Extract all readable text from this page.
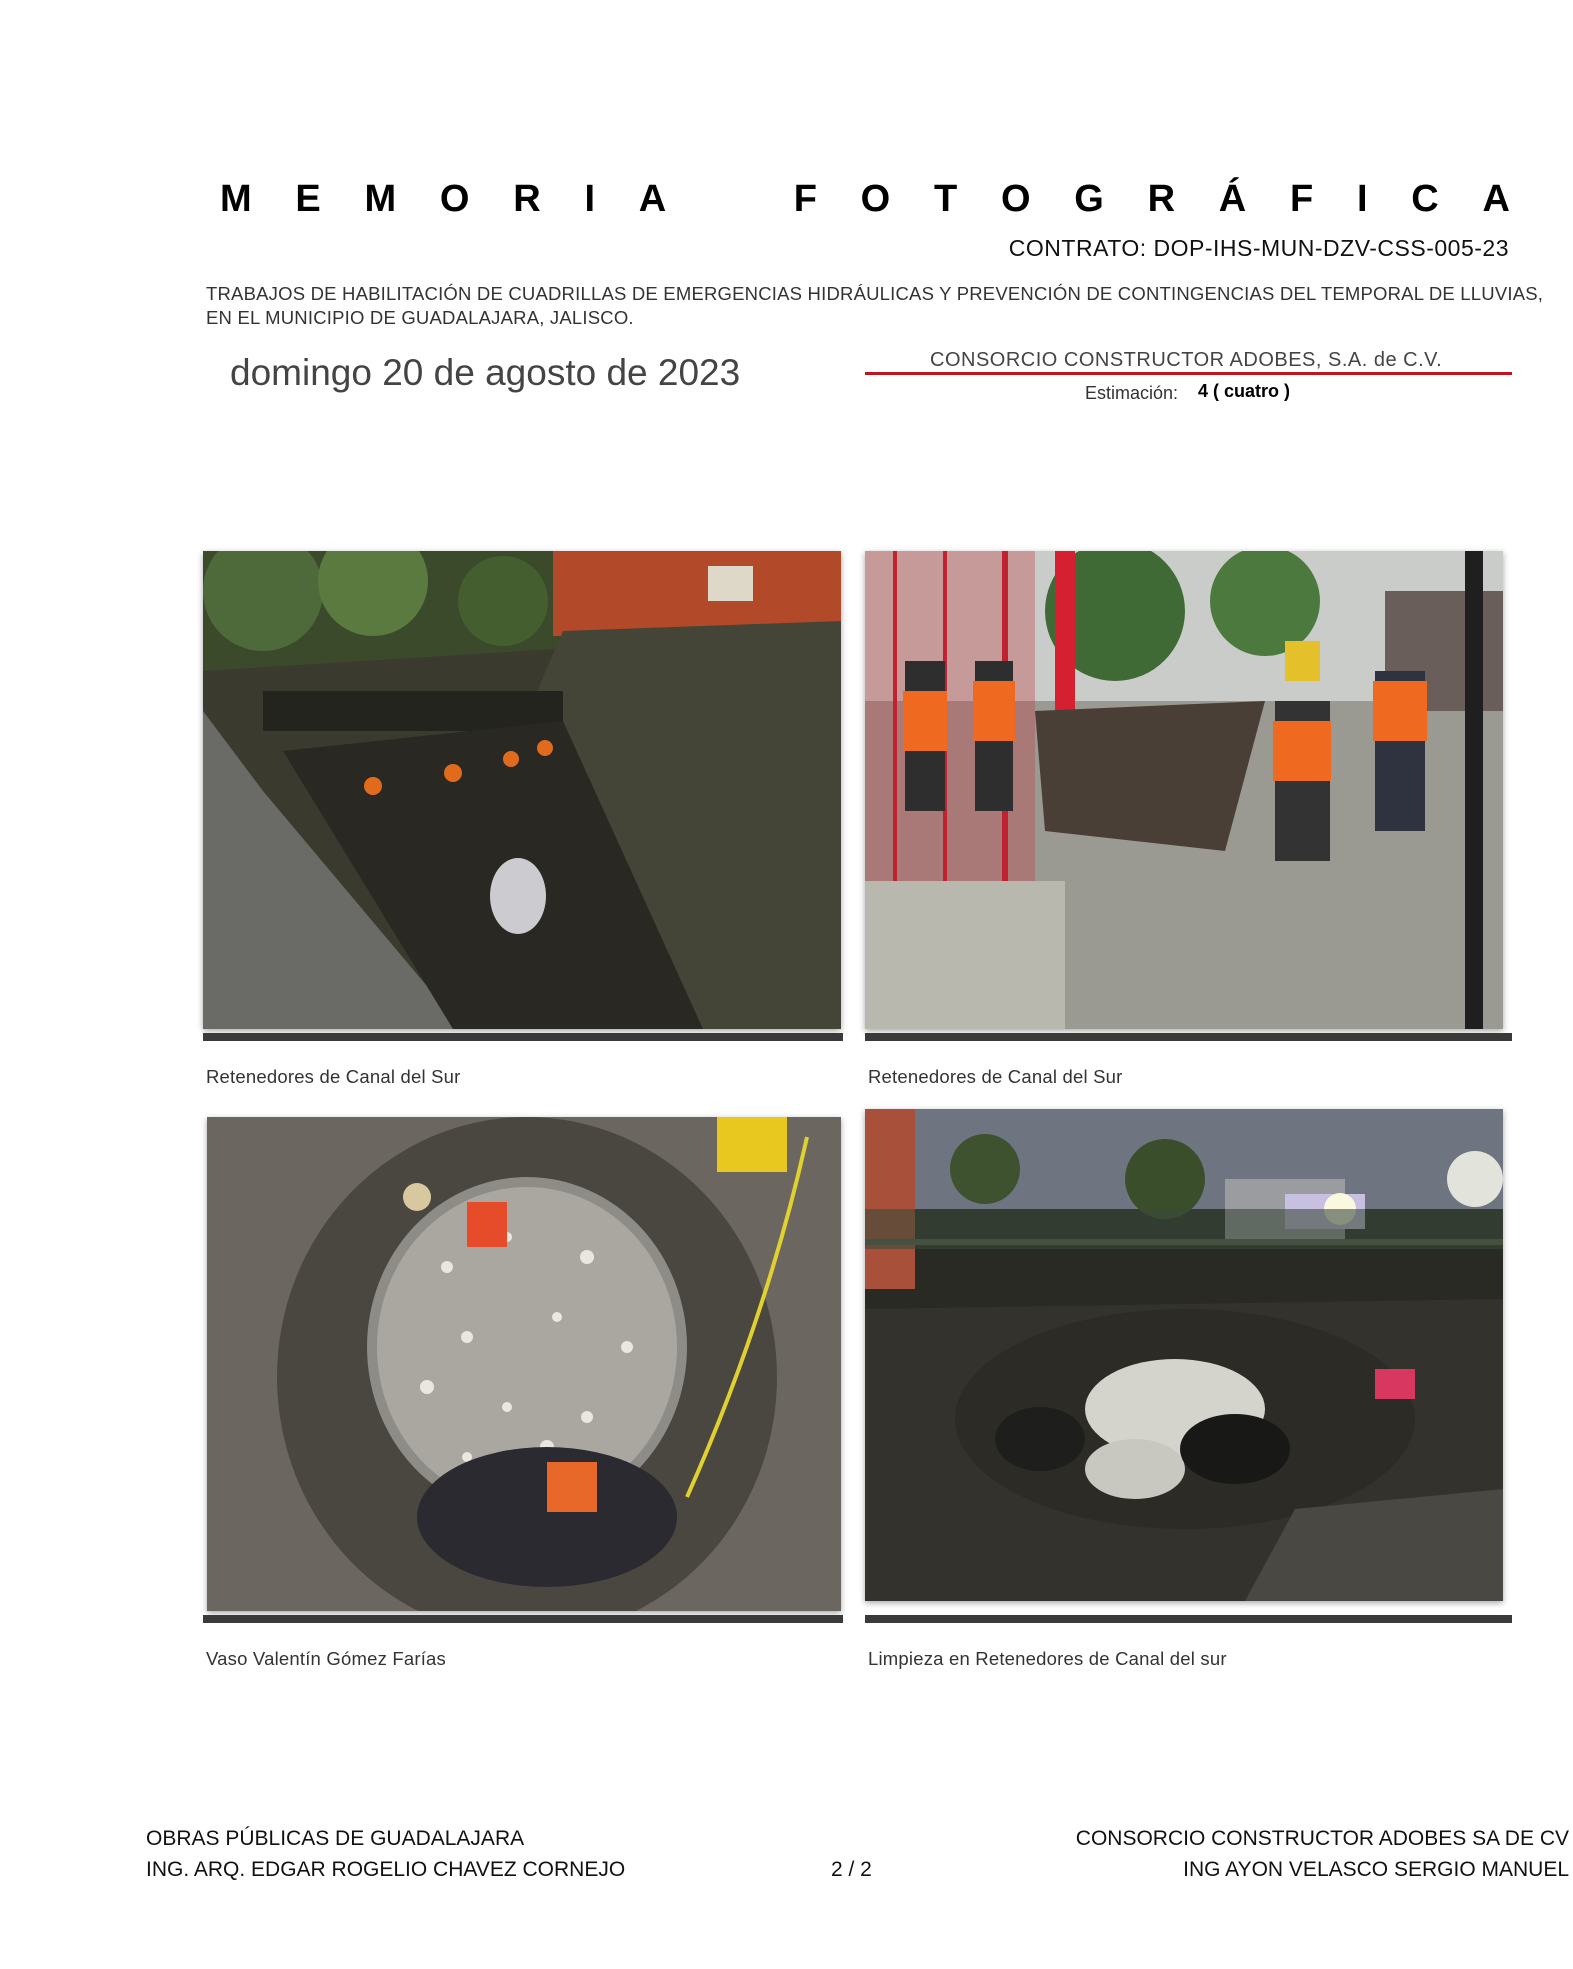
M E M O R I A	F O T O G R Á F I C A
CONTRATO: DOP-IHS-MUN-DZV-CSS-005-23
TRABAJOS DE HABILITACIÓN DE CUADRILLAS DE EMERGENCIAS HIDRÁULICAS Y PREVENCIÓN DE CONTINGENCIAS DEL TEMPORAL DE LLUVIAS,
EN EL MUNICIPIO DE GUADALAJARA, JALISCO.
domingo 20 de agosto de 2023	CONSORCIO CONSTRUCTOR ADOBES, S.A. de C.V.
Estimación: 4 ( cuatro )
Retenedores de Canal del Sur	Retenedores de Canal del Sur
Vaso Valentín Gómez Farías	Limpieza en Retenedores de Canal del sur
OBRAS PÚBLICAS DE GUADALAJARA
ING. ARQ. EDGAR ROGELIO CHAVEZ CORNEJO	2 / 2
CONSORCIO CONSTRUCTOR ADOBES SA DE CV
ING AYON VELASCO SERGIO MANUEL
